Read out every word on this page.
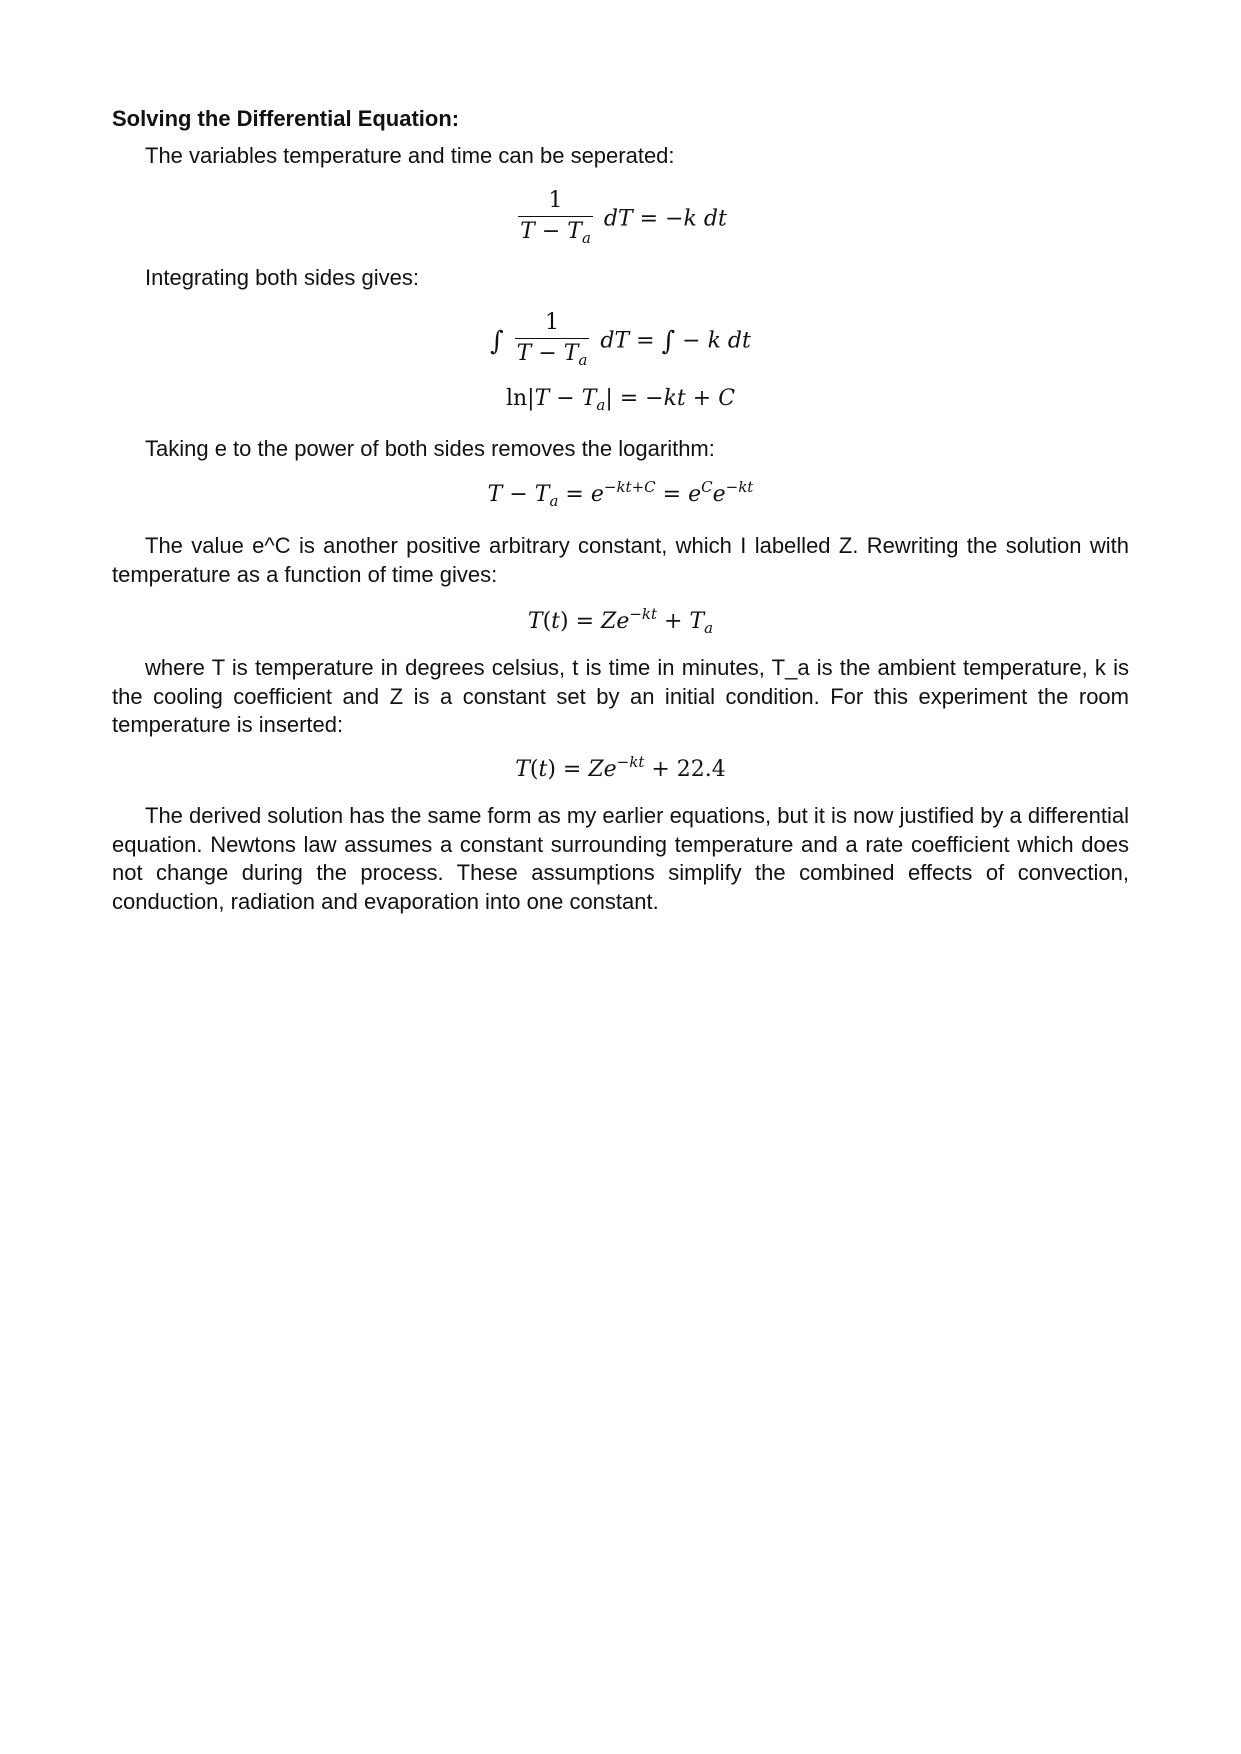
Solving the Differential Equation:

The variables temperature and time can be seperated:

$\frac{1}{T - T_a}$ dT = −k dt

Integrating both sides gives:

∫ $\frac{1}{T - T_a}$ dT = ∫ − k dt
$\ln|T - T_a| = -kt + C$

Taking e to the power of both sides removes the logarithm:

$T - T_a = e^{-kt+C} = e^Ce^{-kt}$

The value e^C is another positive arbitrary constant, which I labelled Z. Rewriting the solution with temperature as a function of time gives:

$T(t) = Ze^{-kt} + T_a$

where T is temperature in degrees celsius, t is time in minutes, T_a is the ambient temperature, k is the cooling coefficient and Z is a constant set by an initial condition. For this experiment the room temperature is inserted:

$T(t) = Ze^{-kt} + 22.4$

The derived solution has the same form as my earlier equations, but it is now justified by a differential equation. Newtons law assumes a constant surrounding temperature and a rate coefficient which does not change during the process. These assumptions simplify the combined effects of convection, conduction, radiation and evaporation into one constant.
